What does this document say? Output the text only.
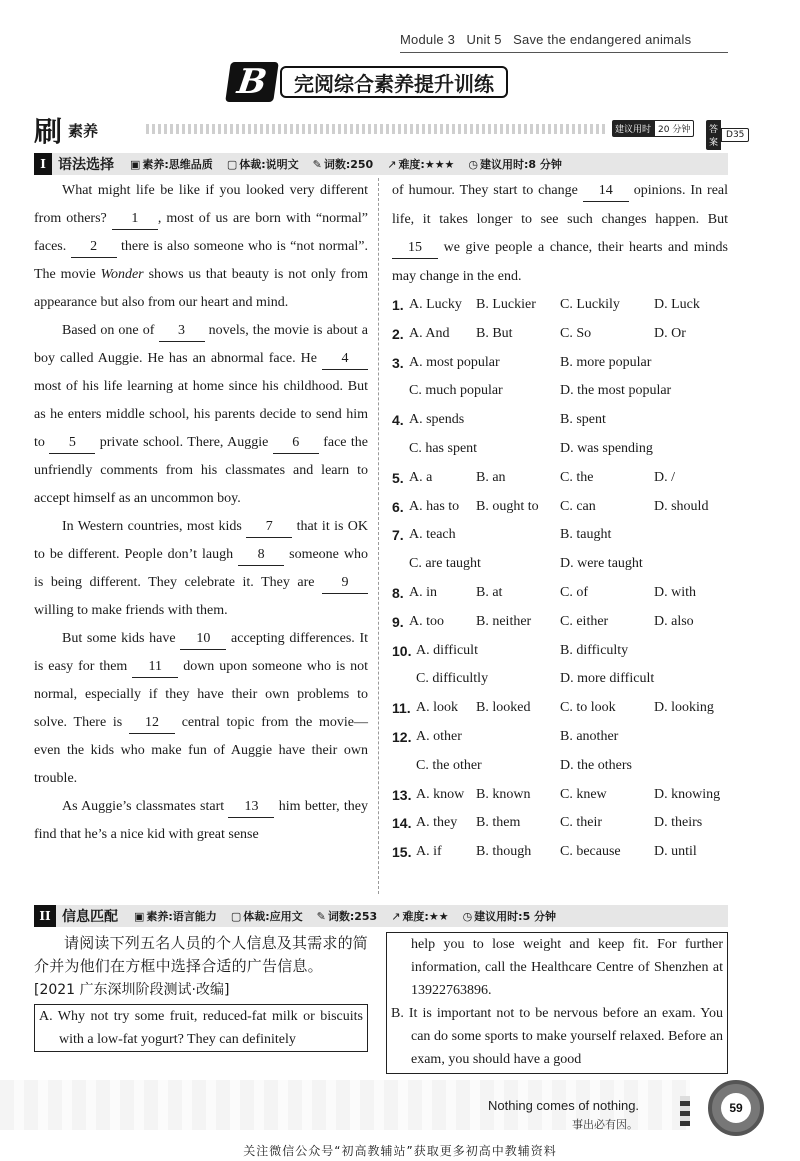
Module 3 Unit 5 Save the endangered animals
B	完阅综合素养提升训练
刷 素养	建议用时 20 分钟	答案
D35
I 语法选择 ▣ 素养:思维品质 ▢ 体裁:说明文 ✎ 词数:250 ↗ 难度:★★★ ◷ 建议用时:8 分钟

What might life be like if you looked very different from others? 1 , most of us are born with “normal” faces. 2 there is also someone who is “not normal”. The movie Wonder shows us that beauty is not only from appearance but also from our heart and mind.

Based on one of 3 novels, the movie is about a boy called Auggie. He has an abnormal face. He 4 most of his life learning at home since his childhood. But as he enters middle school, his parents decide to send him to 5 private school. There, Auggie 6 face the unfriendly comments from his classmates and learn to accept himself as an uncommon boy.

In Western countries, most kids 7 that it is OK to be different. People don’t laugh 8 someone who is being different. They celebrate it. They are 9 willing to make friends with them.

But some kids have 10 accepting differences. It is easy for them 11 down upon someone who is not normal, especially if they have their own problems to solve. There is 12 central topic from the movie—even the kids who make fun of Auggie have their own trouble.

As Auggie’s classmates start 13 him better, they find that he’s a nice kid with great sense

of humour. They start to change 14 opinions. In real life, it takes longer to see such changes happen. But 15 we give people a chance, their hearts and minds may change in the end.

1. A. Lucky B. Luckier C. Luckily D. Luck
2. A. And B. But	C. So	D. Or
3. A. most popular	B. more popular
C. much popular	D. the most popular
4. A. spends	B. spent
C. has spent	D. was spending
5. A. a	B. an	C. the	D. /
6. A. has to B. ought to C. can	D. should
7. A. teach	B. taught
C. are taught	D. were taught
8. A. in	B. at	C. of	D. with
9. A. too B. neither C. either	D. also
10. A. difficult	B. difficulty
C. difficultly	D. more difficult
11. A. look B. looked C. to look	D. looking
12. A. other	B. another
C. the other	D. the others
13. A. know B. known C. knew	D. knowing
14. A. they B. them	C. their	D. theirs
15. A. if B. though C. because D. until
II 信息匹配 ▣ 素养:语言能力 ▢ 体裁:应用文 ✎ 词数:253 ↗ 难度:★★ ◷ 建议用时:5 分钟
请阅读下列五名人员的个人信息及其需求的简介并为他们在方框中选择合适的广告信息。
[2021 广东深圳阶段测试·改编]
A. Why not try some fruit, reduced-fat milk or biscuits with a low-fat yogurt? They can definitely
help you to lose weight and keep fit. For further information, call the Healthcare Centre of Shenzhen at 13922763896.
B. It is important not to be nervous before an exam. You can do some sports to make yourself relaxed. Before an exam, you should have a good
Nothing comes of nothing.
事出必有因。
59
关注微信公众号“初高教辅站”获取更多初高中教辅资料
